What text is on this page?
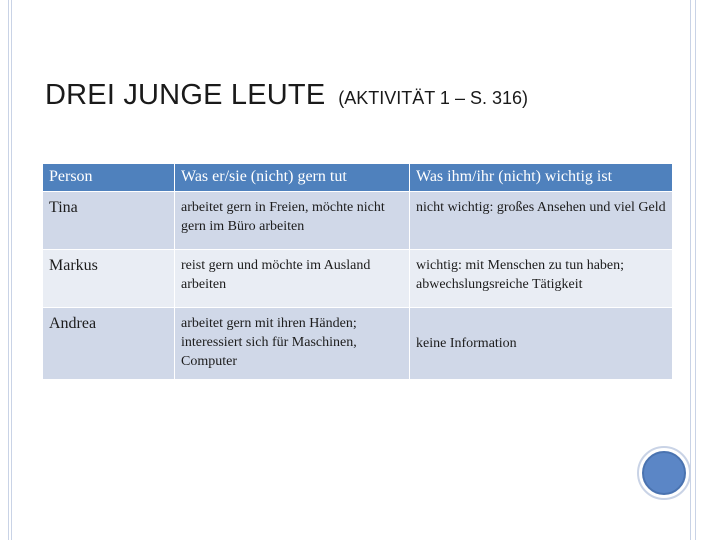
DREI JUNGE LEUTE (AKTIVITÄT 1 – S. 316)
Person	Was er/sie (nicht) gern tut	Was ihm/ihr (nicht) wichtig ist
Tina	arbeitet gern in Freien, möchte nicht gern im Büro arbeiten	nicht wichtig: großes Ansehen und viel Geld
Markus	reist gern und möchte im Ausland arbeiten	wichtig: mit Menschen zu tun haben; abwechslungsreiche Tätigkeit
Andrea	arbeitet gern mit ihren Händen; interessiert sich für Maschinen, Computer	keine Information
